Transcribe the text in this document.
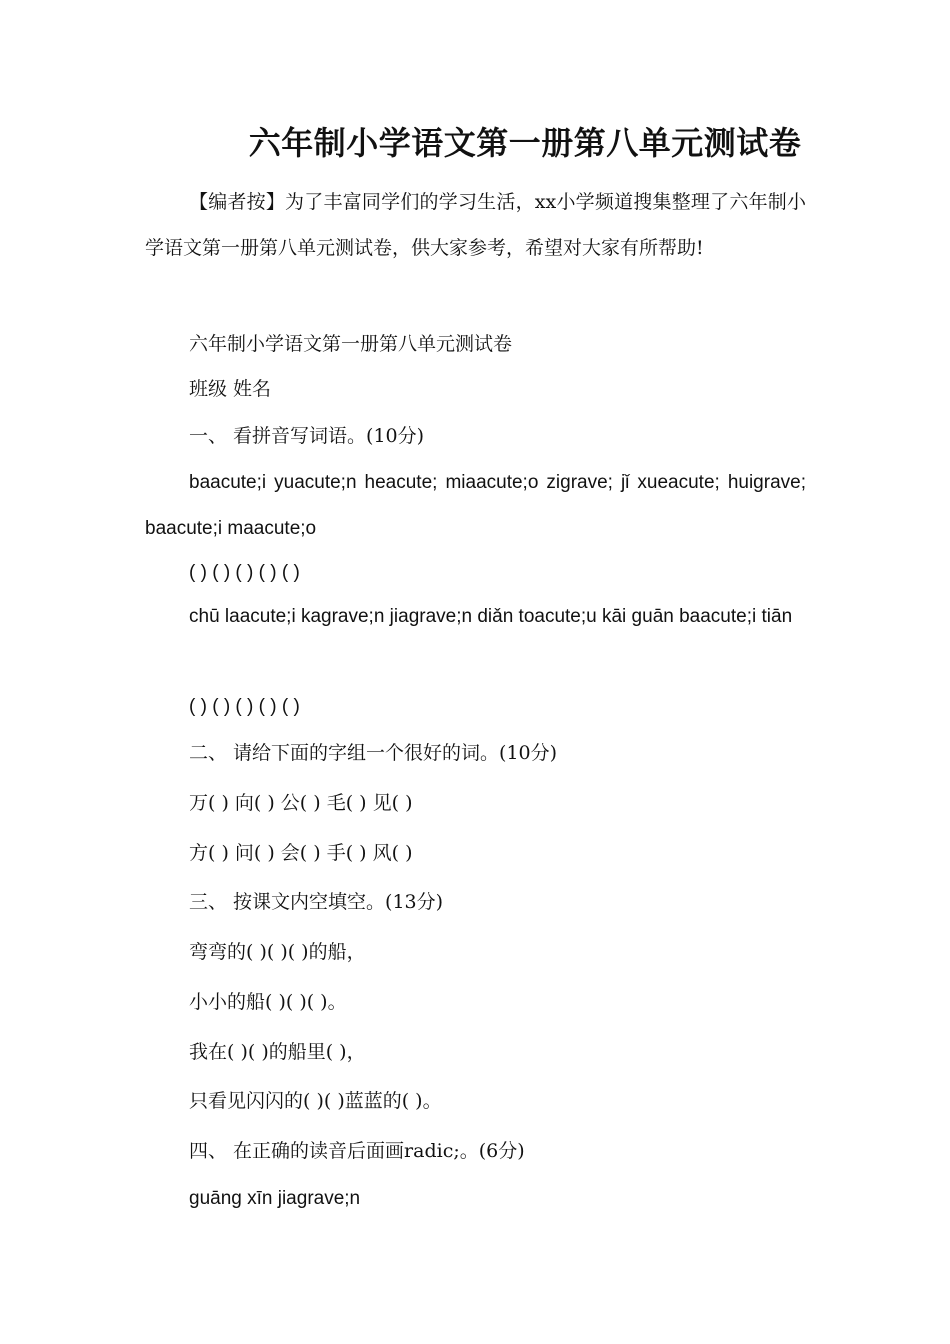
六年制小学语文第一册第八单元测试卷
【编者按】为了丰富同学们的学习生活，xx小学频道搜集整理了六年制小学语文第一册第八单元测试卷，供大家参考，希望对大家有所帮助!
六年制小学语文第一册第八单元测试卷
班级 姓名
一、 看拼音写词语。(10分)
baacute;i yuacute;n heacute; miaacute;o zigrave; jǐ xueacute; huigrave; baacute;i maacute;o
( ) ( ) ( ) ( ) ( )
chū laacute;i kagrave;n jiagrave;n diǎn toacute;u kāi guān baacute;i tiān
( ) ( ) ( ) ( ) ( )
二、 请给下面的字组一个很好的词。(10分)
万( ) 向( ) 公( ) 毛( ) 见( )
方( ) 问( ) 会( ) 手( ) 风( )
三、 按课文内空填空。(13分)
弯弯的( )( )( )的船，
小小的船( )( )( )。
我在( )( )的船里( )，
只看见闪闪的( )( )蓝蓝的( )。
四、 在正确的读音后面画radic;。(6分)
guāng xīn jiagrave;n
